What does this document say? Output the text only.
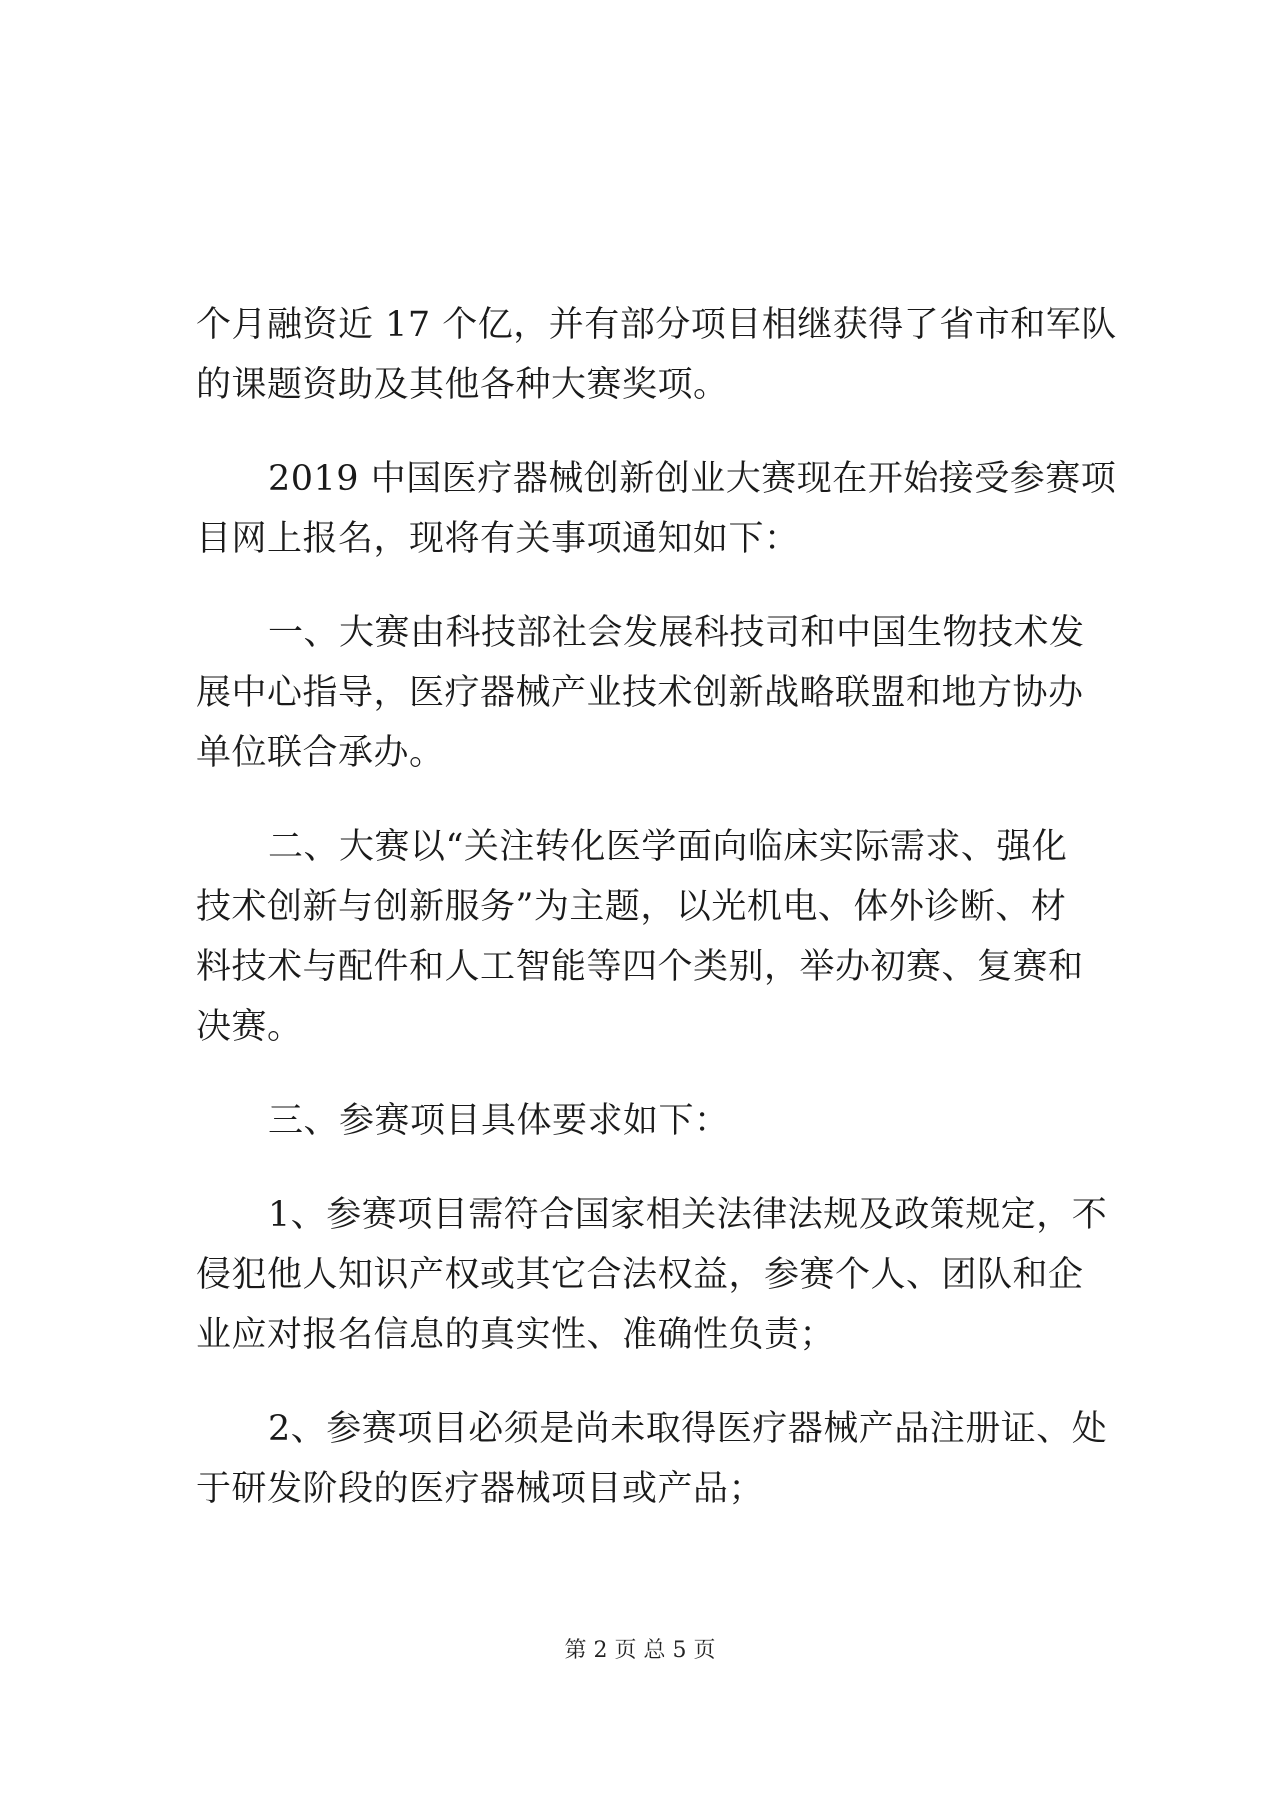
个月融资近 17 个亿，并有部分项目相继获得了省市和军队
的课题资助及其他各种大赛奖项。
2019 中国医疗器械创新创业大赛现在开始接受参赛项
目网上报名，现将有关事项通知如下：
一、大赛由科技部社会发展科技司和中国生物技术发
展中心指导，医疗器械产业技术创新战略联盟和地方协办
单位联合承办。
二、大赛以“关注转化医学面向临床实际需求、强化
技术创新与创新服务”为主题，以光机电、体外诊断、材
料技术与配件和人工智能等四个类别，举办初赛、复赛和
决赛。
三、参赛项目具体要求如下：
1、参赛项目需符合国家相关法律法规及政策规定，不
侵犯他人知识产权或其它合法权益，参赛个人、团队和企
业应对报名信息的真实性、准确性负责；
2、参赛项目必须是尚未取得医疗器械产品注册证、处
于研发阶段的医疗器械项目或产品；
第 2 页 总 5 页
